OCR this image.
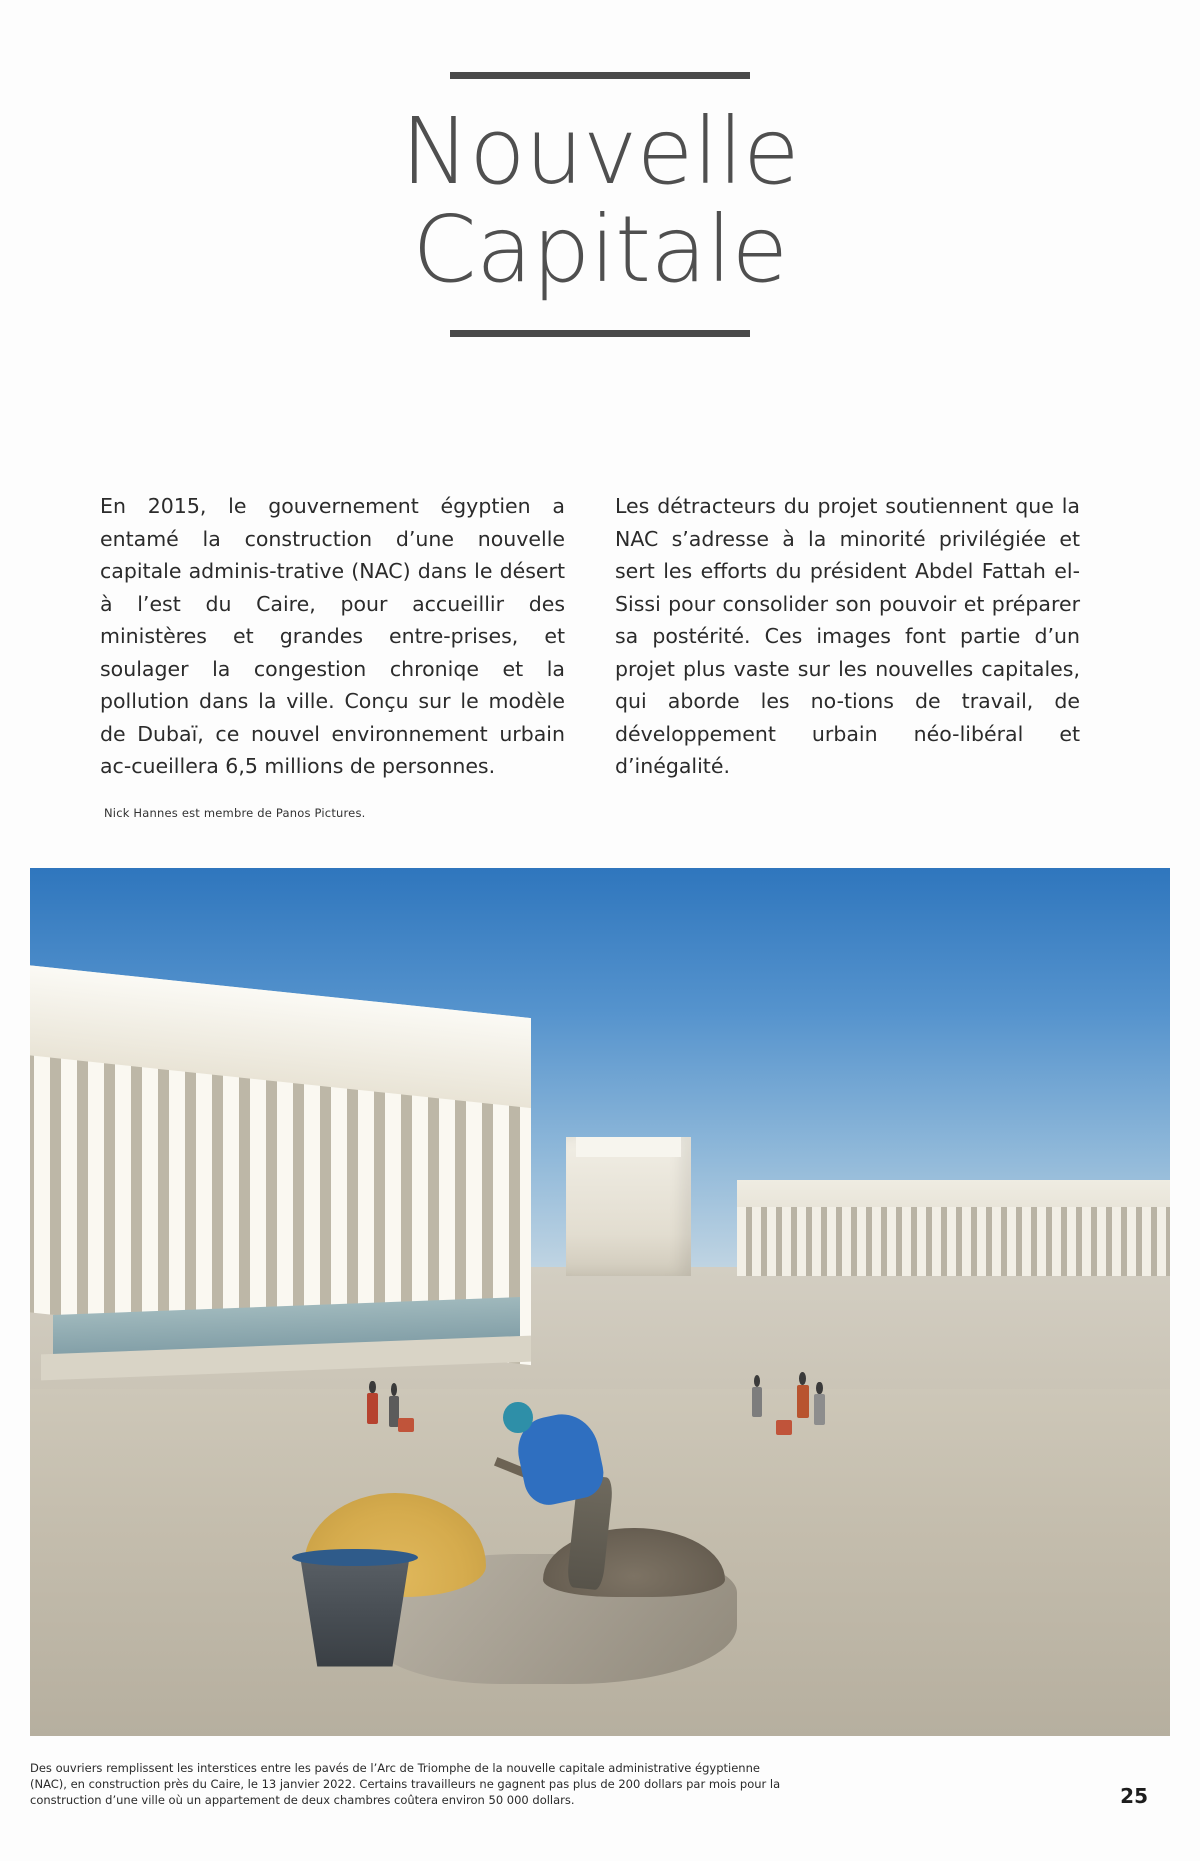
Nouvelle
Capitale

En 2015, le gouvernement égyptien a entamé la construction d’une nouvelle capitale adminis-trative (NAC) dans le désert à l’est du Caire, pour accueillir des ministères et grandes entre-prises, et soulager la congestion chroniqe et la pollution dans la ville. Conçu sur le modèle de Dubaï, ce nouvel environnement urbain ac-cueillera 6,5 millions de personnes.

Les détracteurs du projet soutiennent que la NAC s’adresse à la minorité privilégiée et sert les efforts du président Abdel Fattah el-Sissi pour consolider son pouvoir et préparer sa postérité. Ces images font partie d’un projet plus vaste sur les nouvelles capitales, qui aborde les no-tions de travail, de développement urbain néo-libéral et d’inégalité.

Nick Hannes est membre de Panos Pictures.
Des ouvriers remplissent les interstices entre les pavés de l’Arc de Triomphe de la nouvelle capitale administrative égyptienne (NAC), en construction près du Caire, le 13 janvier 2022. Certains travailleurs ne gagnent pas plus de 200 dollars par mois pour la construction d’une ville où un appartement de deux chambres coûtera environ 50 000 dollars.	25
